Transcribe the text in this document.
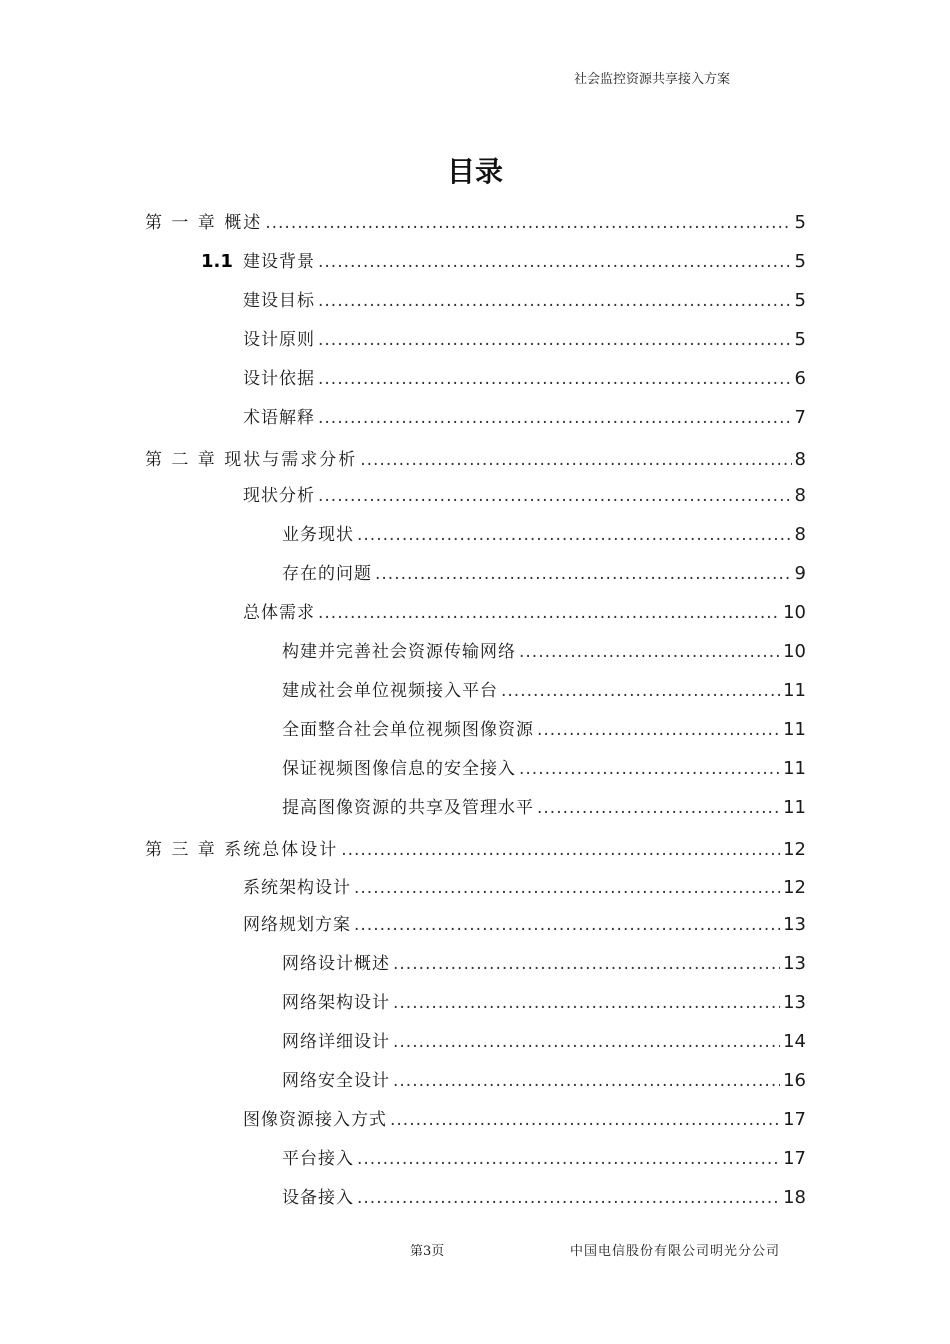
社会监控资源共享接入方案
目录
第 一 章 概述 .....	5
1.1 建设背景 .....	5
建设目标 .....	5
设计原则 .....	5
设计依据 .....	6
术语解释 .....	7
第 二 章 现状与需求分析 .....	8
现状分析 .....	8
业务现状 .....	8
存在的问题 .....	9
总体需求 .....	10
构建并完善社会资源传输网络 .....	10
建成社会单位视频接入平台 .....	11
全面整合社会单位视频图像资源 .....	11
保证视频图像信息的安全接入 .....	11
提高图像资源的共享及管理水平 .....	11
第 三 章 系统总体设计 .....	12
系统架构设计 .....	12
网络规划方案 .....	13
网络设计概述 .....	13
网络架构设计 .....	13
网络详细设计 .....	14
网络安全设计 .....	16
图像资源接入方式 .....	17
平台接入 .....	17
设备接入 .....	18
第3页	中国电信股份有限公司明光分公司
